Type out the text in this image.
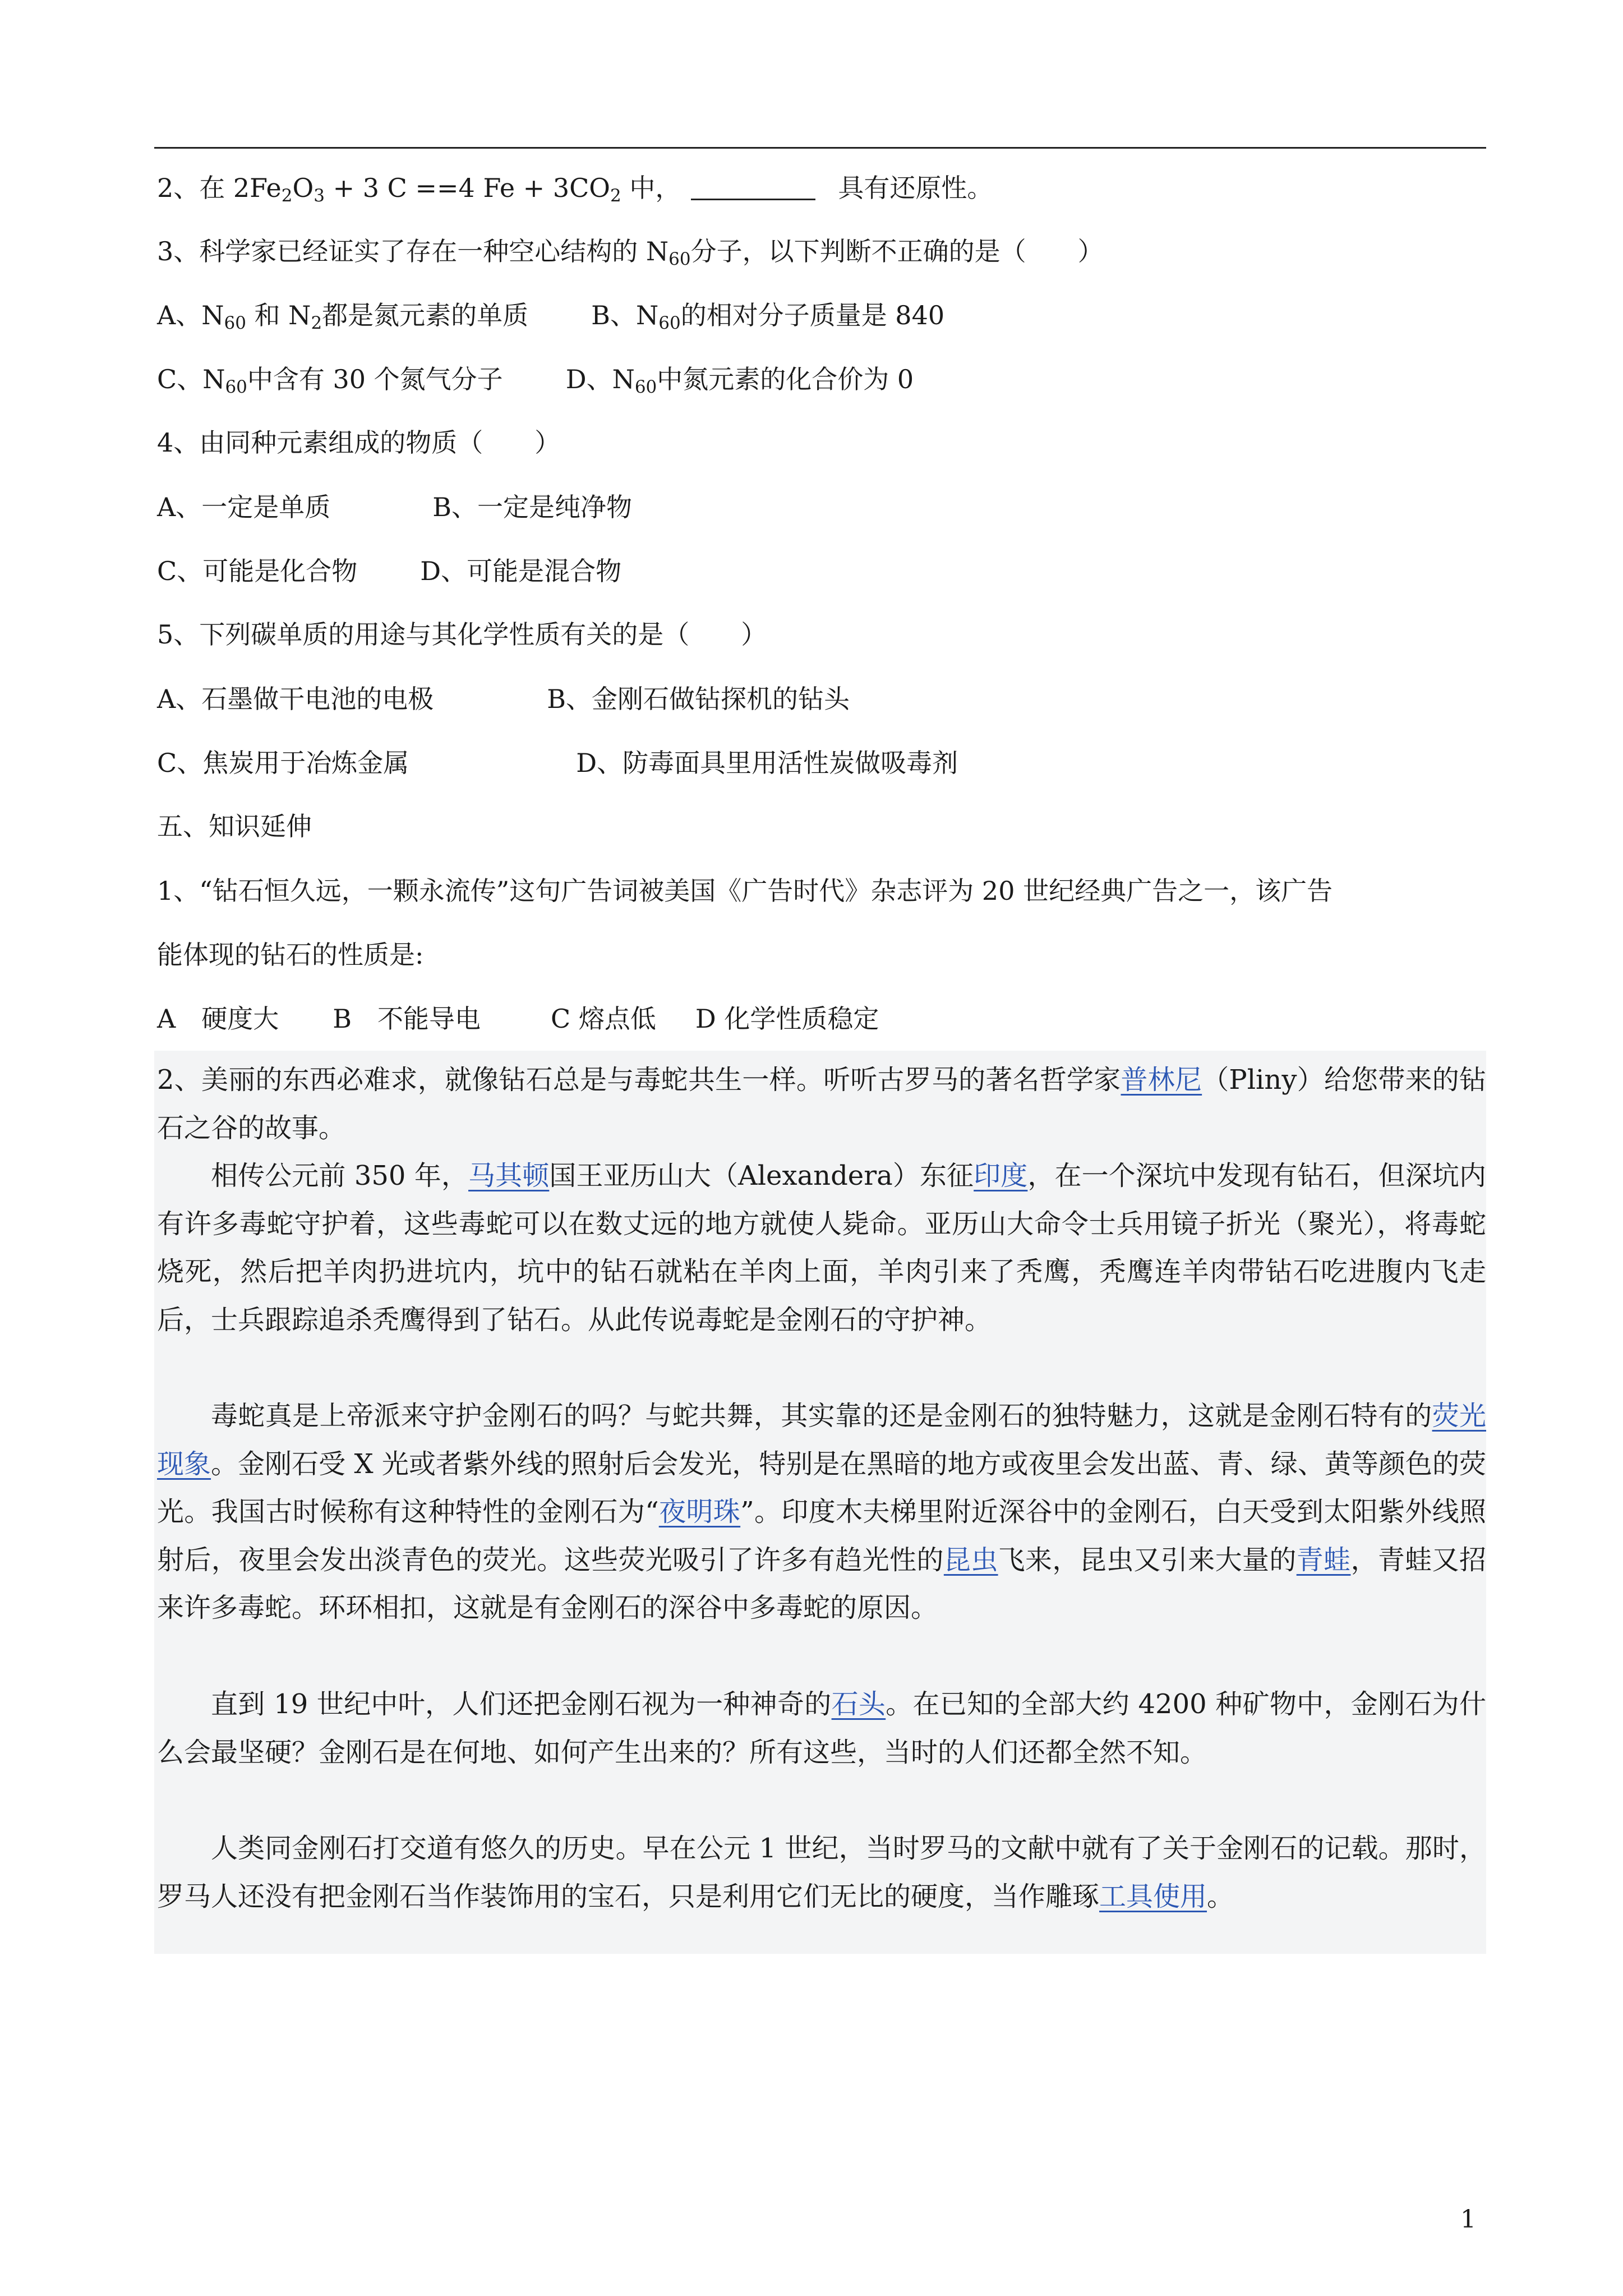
2、在 $2Fe_2O_3 + 3$ C ==4 $Fe + 3CO_2$ 中，	具有还原性。
3、科学家已经证实了存在一种空心结构的 $N_{60}$分子，以下判断不正确的是（　　）
A、$N_{60}$ 和 $N_2$都是氮元素的单质 B、$N_{60}$的相对分子质量是 840
C、$N_{60}$中含有 30 个氮气分子 D、$N_{60}$中氮元素的化合价为 0
4、由同种元素组成的物质（　　）
A、一定是单质	B、一定是纯净物
C、可能是化合物 D、可能是混合物
5、下列碳单质的用途与其化学性质有关的是（　　）
A、石墨做干电池的电极	B、金刚石做钻探机的钻头
C、焦炭用于冶炼金属	D、防毒面具里用活性炭做吸毒剂
五、知识延伸
1、“钻石恒久远，一颗永流传”这句广告词被美国《广告时代》杂志评为 20 世纪经典广告之一，该广告
能体现的钻石的性质是:
A　硬度大 B　不能导电	C 熔点低 D 化学性质稳定

2、美丽的东西必难求，就像钻石总是与毒蛇共生一样。听听古罗马的著名哲学家普林尼（Pliny）给您带来的钻石之谷的故事。

相传公元前 350 年，马其顿国王亚历山大（Alexandera）东征印度，在一个深坑中发现有钻石，但深坑内有许多毒蛇守护着，这些毒蛇可以在数丈远的地方就使人毙命。亚历山大命令士兵用镜子折光（聚光），将毒蛇烧死，然后把羊肉扔进坑内，坑中的钻石就粘在羊肉上面，羊肉引来了秃鹰，秃鹰连羊肉带钻石吃进腹内飞走后，士兵跟踪追杀秃鹰得到了钻石。从此传说毒蛇是金刚石的守护神。

毒蛇真是上帝派来守护金刚石的吗？与蛇共舞，其实靠的还是金刚石的独特魅力，这就是金刚石特有的荧光现象。金刚石受 X 光或者紫外线的照射后会发光，特别是在黑暗的地方或夜里会发出蓝、青、绿、黄等颜色的荧光。我国古时候称有这种特性的金刚石为“夜明珠”。印度木夫梯里附近深谷中的金刚石，白天受到太阳紫外线照射后，夜里会发出淡青色的荧光。这些荧光吸引了许多有趋光性的昆虫飞来，昆虫又引来大量的青蛙，青蛙又招来许多毒蛇。环环相扣，这就是有金刚石的深谷中多毒蛇的原因。

直到 19 世纪中叶，人们还把金刚石视为一种神奇的石头。在已知的全部大约 4200 种矿物中，金刚石为什么会最坚硬？金刚石是在何地、如何产生出来的？所有这些，当时的人们还都全然不知。

人类同金刚石打交道有悠久的历史。早在公元 1 世纪，当时罗马的文献中就有了关于金刚石的记载。那时，罗马人还没有把金刚石当作装饰用的宝石，只是利用它们无比的硬度，当作雕琢工具使用。

1
